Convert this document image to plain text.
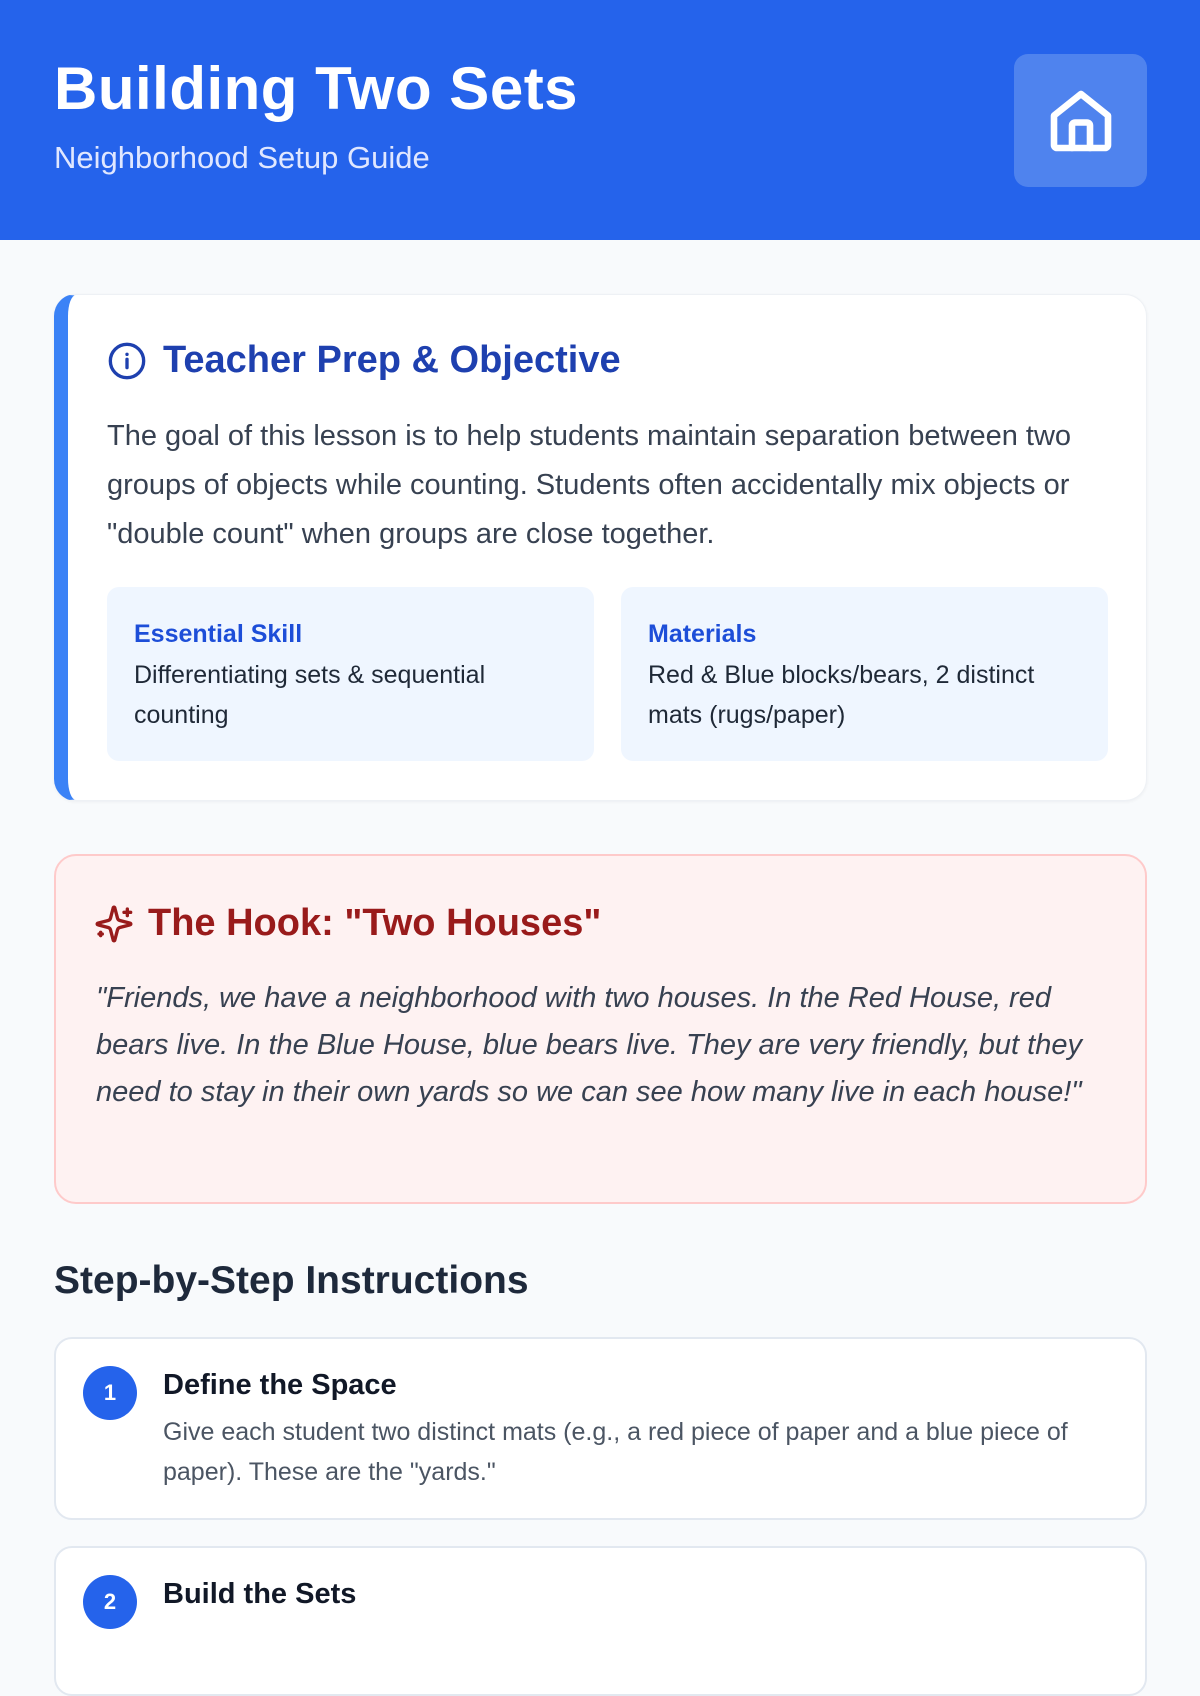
Building Two Sets
Neighborhood Setup Guide
Teacher Prep & Objective
The goal of this lesson is to help students maintain separation between two groups of objects while counting. Students often accidentally mix objects or "double count" when groups are close together.
Essential Skill
Differentiating sets & sequential counting
Materials
Red & Blue blocks/bears, 2 distinct mats (rugs/paper)
The Hook: "Two Houses"
"Friends, we have a neighborhood with two houses. In the Red House, red bears live. In the Blue House, blue bears live. They are very friendly, but they need to stay in their own yards so we can see how many live in each house!"
Step-by-Step Instructions
1	Define the Space
Give each student two distinct mats (e.g., a red piece of paper and a blue piece of paper). These are the "yards."
2	Build the Sets
